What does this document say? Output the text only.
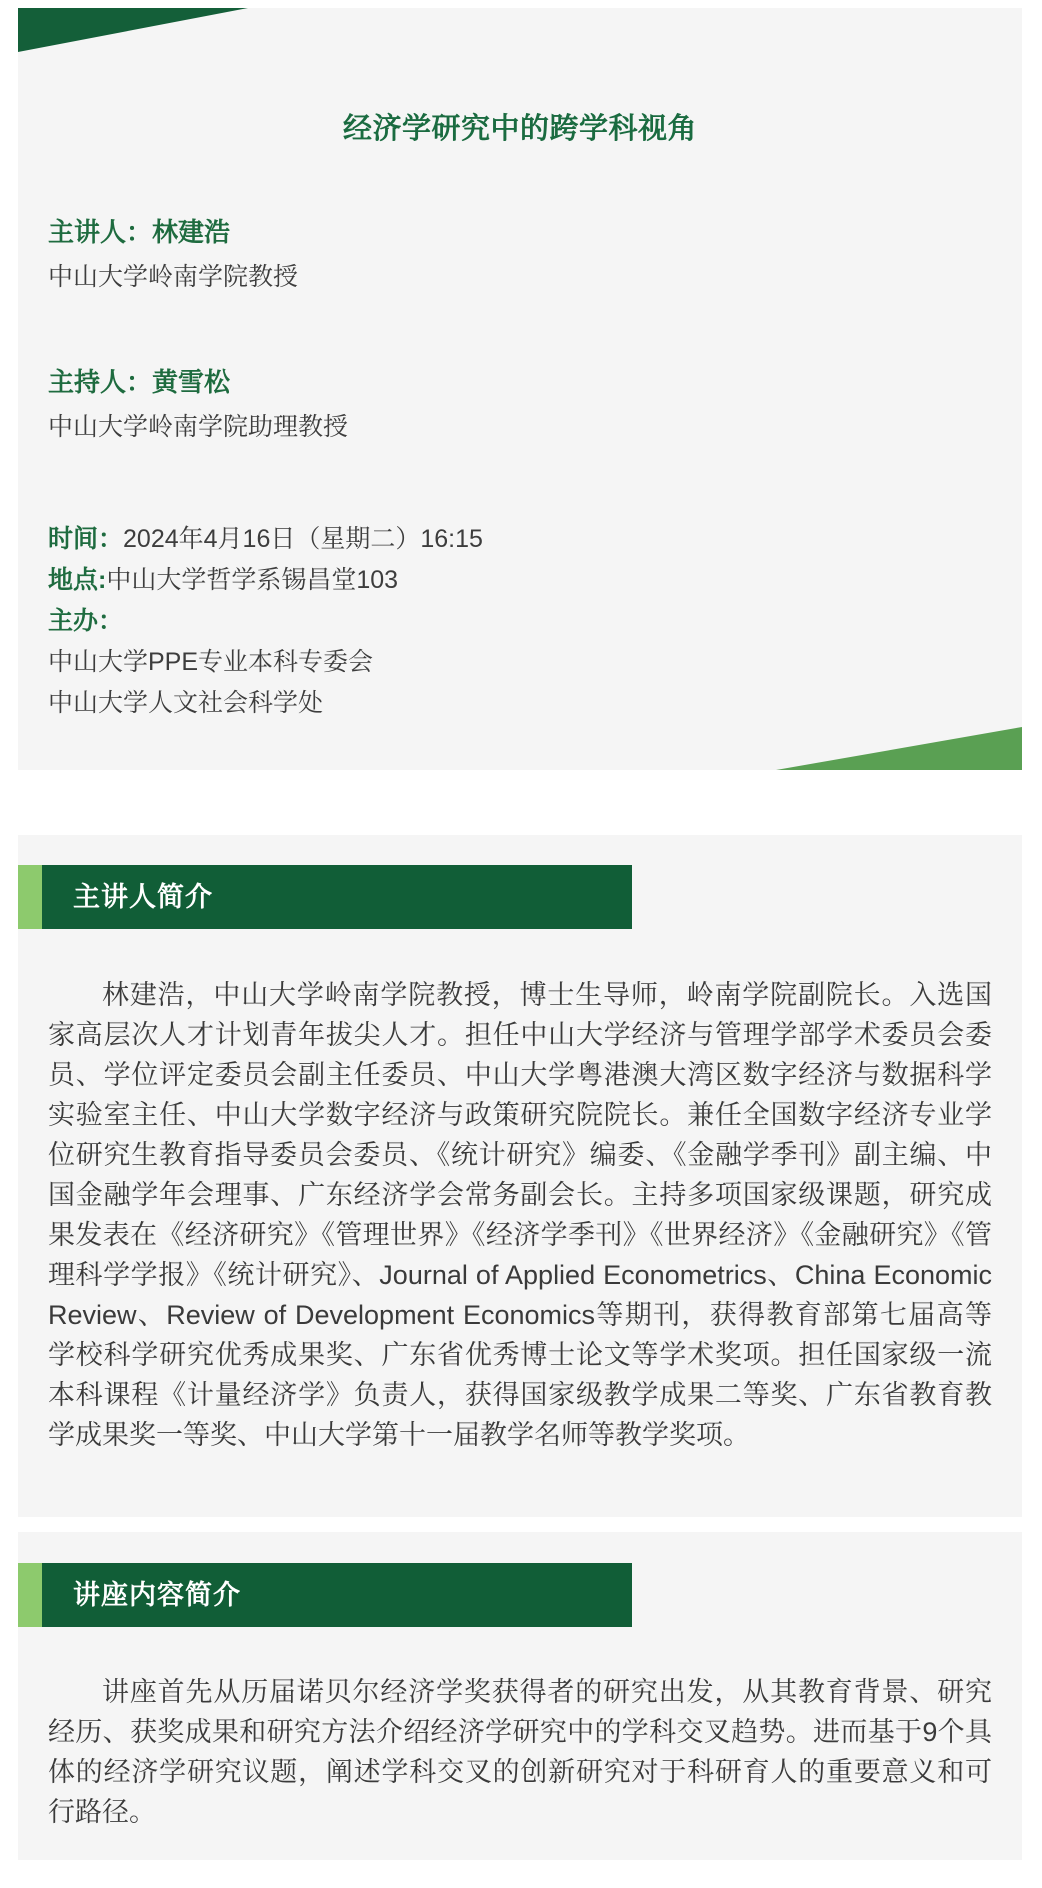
经济学研究中的跨学科视角

主讲人：林建浩

中山大学岭南学院教授

主持人：黄雪松

中山大学岭南学院助理教授

时间：2024年4月16日（星期二）16:15

地点:中山大学哲学系锡昌堂103

主办：

中山大学PPE专业本科专委会

中山大学人文社会科学处

主讲人简介

林建浩，中山大学岭南学院教授，博士生导师，岭南学院副院长。入选国家高层次人才计划青年拔尖人才。担任中山大学经济与管理学部学术委员会委员、学位评定委员会副主任委员、中山大学粤港澳大湾区数字经济与数据科学实验室主任、中山大学数字经济与政策研究院院长。兼任全国数字经济专业学位研究生教育指导委员会委员、《统计研究》编委、《金融学季刊》副主编、中国金融学年会理事、广东经济学会常务副会长。主持多项国家级课题，研究成果发表在《经济研究》《管理世界》《经济学季刊》《世界经济》《金融研究》《管理科学学报》《统计研究》、Journal of Applied Econometrics、China Economic Review、Review of Development Economics等期刊，获得教育部第七届高等学校科学研究优秀成果奖、广东省优秀博士论文等学术奖项。担任国家级一流本科课程《计量经济学》负责人，获得国家级教学成果二等奖、广东省教育教学成果奖一等奖、中山大学第十一届教学名师等教学奖项。

讲座内容简介

讲座首先从历届诺贝尔经济学奖获得者的研究出发，从其教育背景、研究经历、获奖成果和研究方法介绍经济学研究中的学科交叉趋势。进而基于9个具体的经济学研究议题，阐述学科交叉的创新研究对于科研育人的重要意义和可行路径。
